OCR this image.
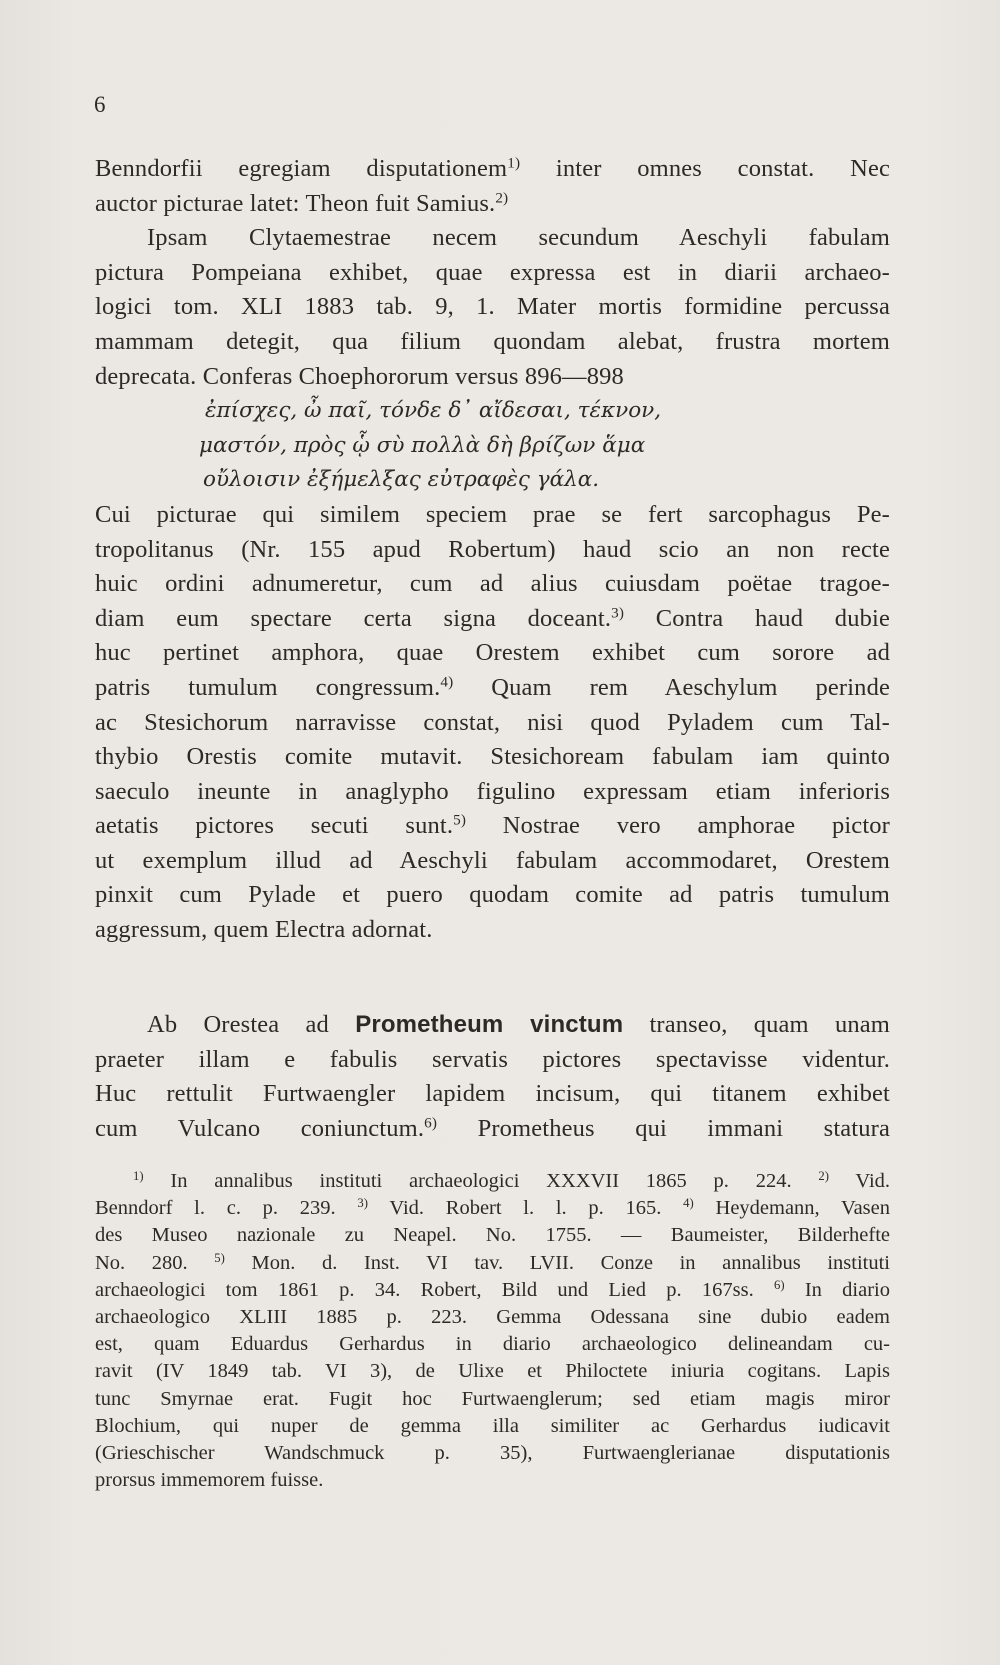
6
Benndorfii egregiam disputationem$^{1)}$ inter omnes constat. Nec
auctor picturae latet: Theon fuit Samius.$^{2)}$
Ipsam Clytaemestrae necem secundum Aeschyli fabulam
pictura Pompeiana exhibet, quae expressa est in diarii archaeo-
logici tom. XLI 1883 tab. 9, 1. Mater mortis formidine percussa
mammam detegit, qua filium quondam alebat, frustra mortem
deprecata. Conferas Choephororum versus 896—898
ἐπίσχες, ὦ παῖ, τόνδε δ᾽ αἴδεσαι, τέκνον,
μαστόν, πρὸς ᾧ σὺ πολλὰ δὴ βρίζων ἅμα
οὔλοισιν ἐξήμελξας εὐτραφὲς γάλα.
Cui picturae qui similem speciem prae se fert sarcophagus Pe-
tropolitanus (Nr. 155 apud Robertum) haud scio an non recte
huic ordini adnumeretur, cum ad alius cuiusdam poëtae tragoe-
diam eum spectare certa signa doceant.$^{3)}$ Contra haud dubie
huc pertinet amphora, quae Orestem exhibet cum sorore ad
patris tumulum congressum.$^{4)}$ Quam rem Aeschylum perinde
ac Stesichorum narravisse constat, nisi quod Pyladem cum Tal-
thybio Orestis comite mutavit. Stesichoream fabulam iam quinto
saeculo ineunte in anaglypho figulino expressam etiam inferioris
aetatis pictores secuti sunt.$^{5)}$ Nostrae vero amphorae pictor
ut exemplum illud ad Aeschyli fabulam accommodaret, Orestem
pinxit cum Pylade et puero quodam comite ad patris tumulum
aggressum, quem Electra adornat.
Ab Orestea ad Prometheum vinctum transeo, quam unam
praeter illam e fabulis servatis pictores spectavisse videntur.
Huc rettulit Furtwaengler lapidem incisum, qui titanem exhibet
cum Vulcano coniunctum.$^{6)}$ Prometheus qui immani statura
$^{1)}$ In annalibus instituti archaeologici XXXVII 1865 p. 224. $^{2)}$ Vid.
Benndorf l. c. p. 239. $^{3)}$ Vid. Robert l. l. p. 165. $^{4)}$ Heydemann, Vasen
des Museo nazionale zu Neapel. No. 1755. — Baumeister, Bilderhefte
No. 280. $^{5)}$ Mon. d. Inst. VI tav. LVII. Conze in annalibus instituti
archaeologici tom 1861 p. 34. Robert, Bild und Lied p. 167ss. $^{6)}$ In diario
archaeologico XLIII 1885 p. 223. Gemma Odessana sine dubio eadem
est, quam Eduardus Gerhardus in diario archaeologico delineandam cu-
ravit (IV 1849 tab. VI 3), de Ulixe et Philoctete iniuria cogitans. Lapis
tunc Smyrnae erat. Fugit hoc Furtwaenglerum; sed etiam magis miror
Blochium, qui nuper de gemma illa similiter ac Gerhardus iudicavit
(Grieschischer Wandschmuck p. 35), Furtwaenglerianae disputationis
prorsus immemorem fuisse.
